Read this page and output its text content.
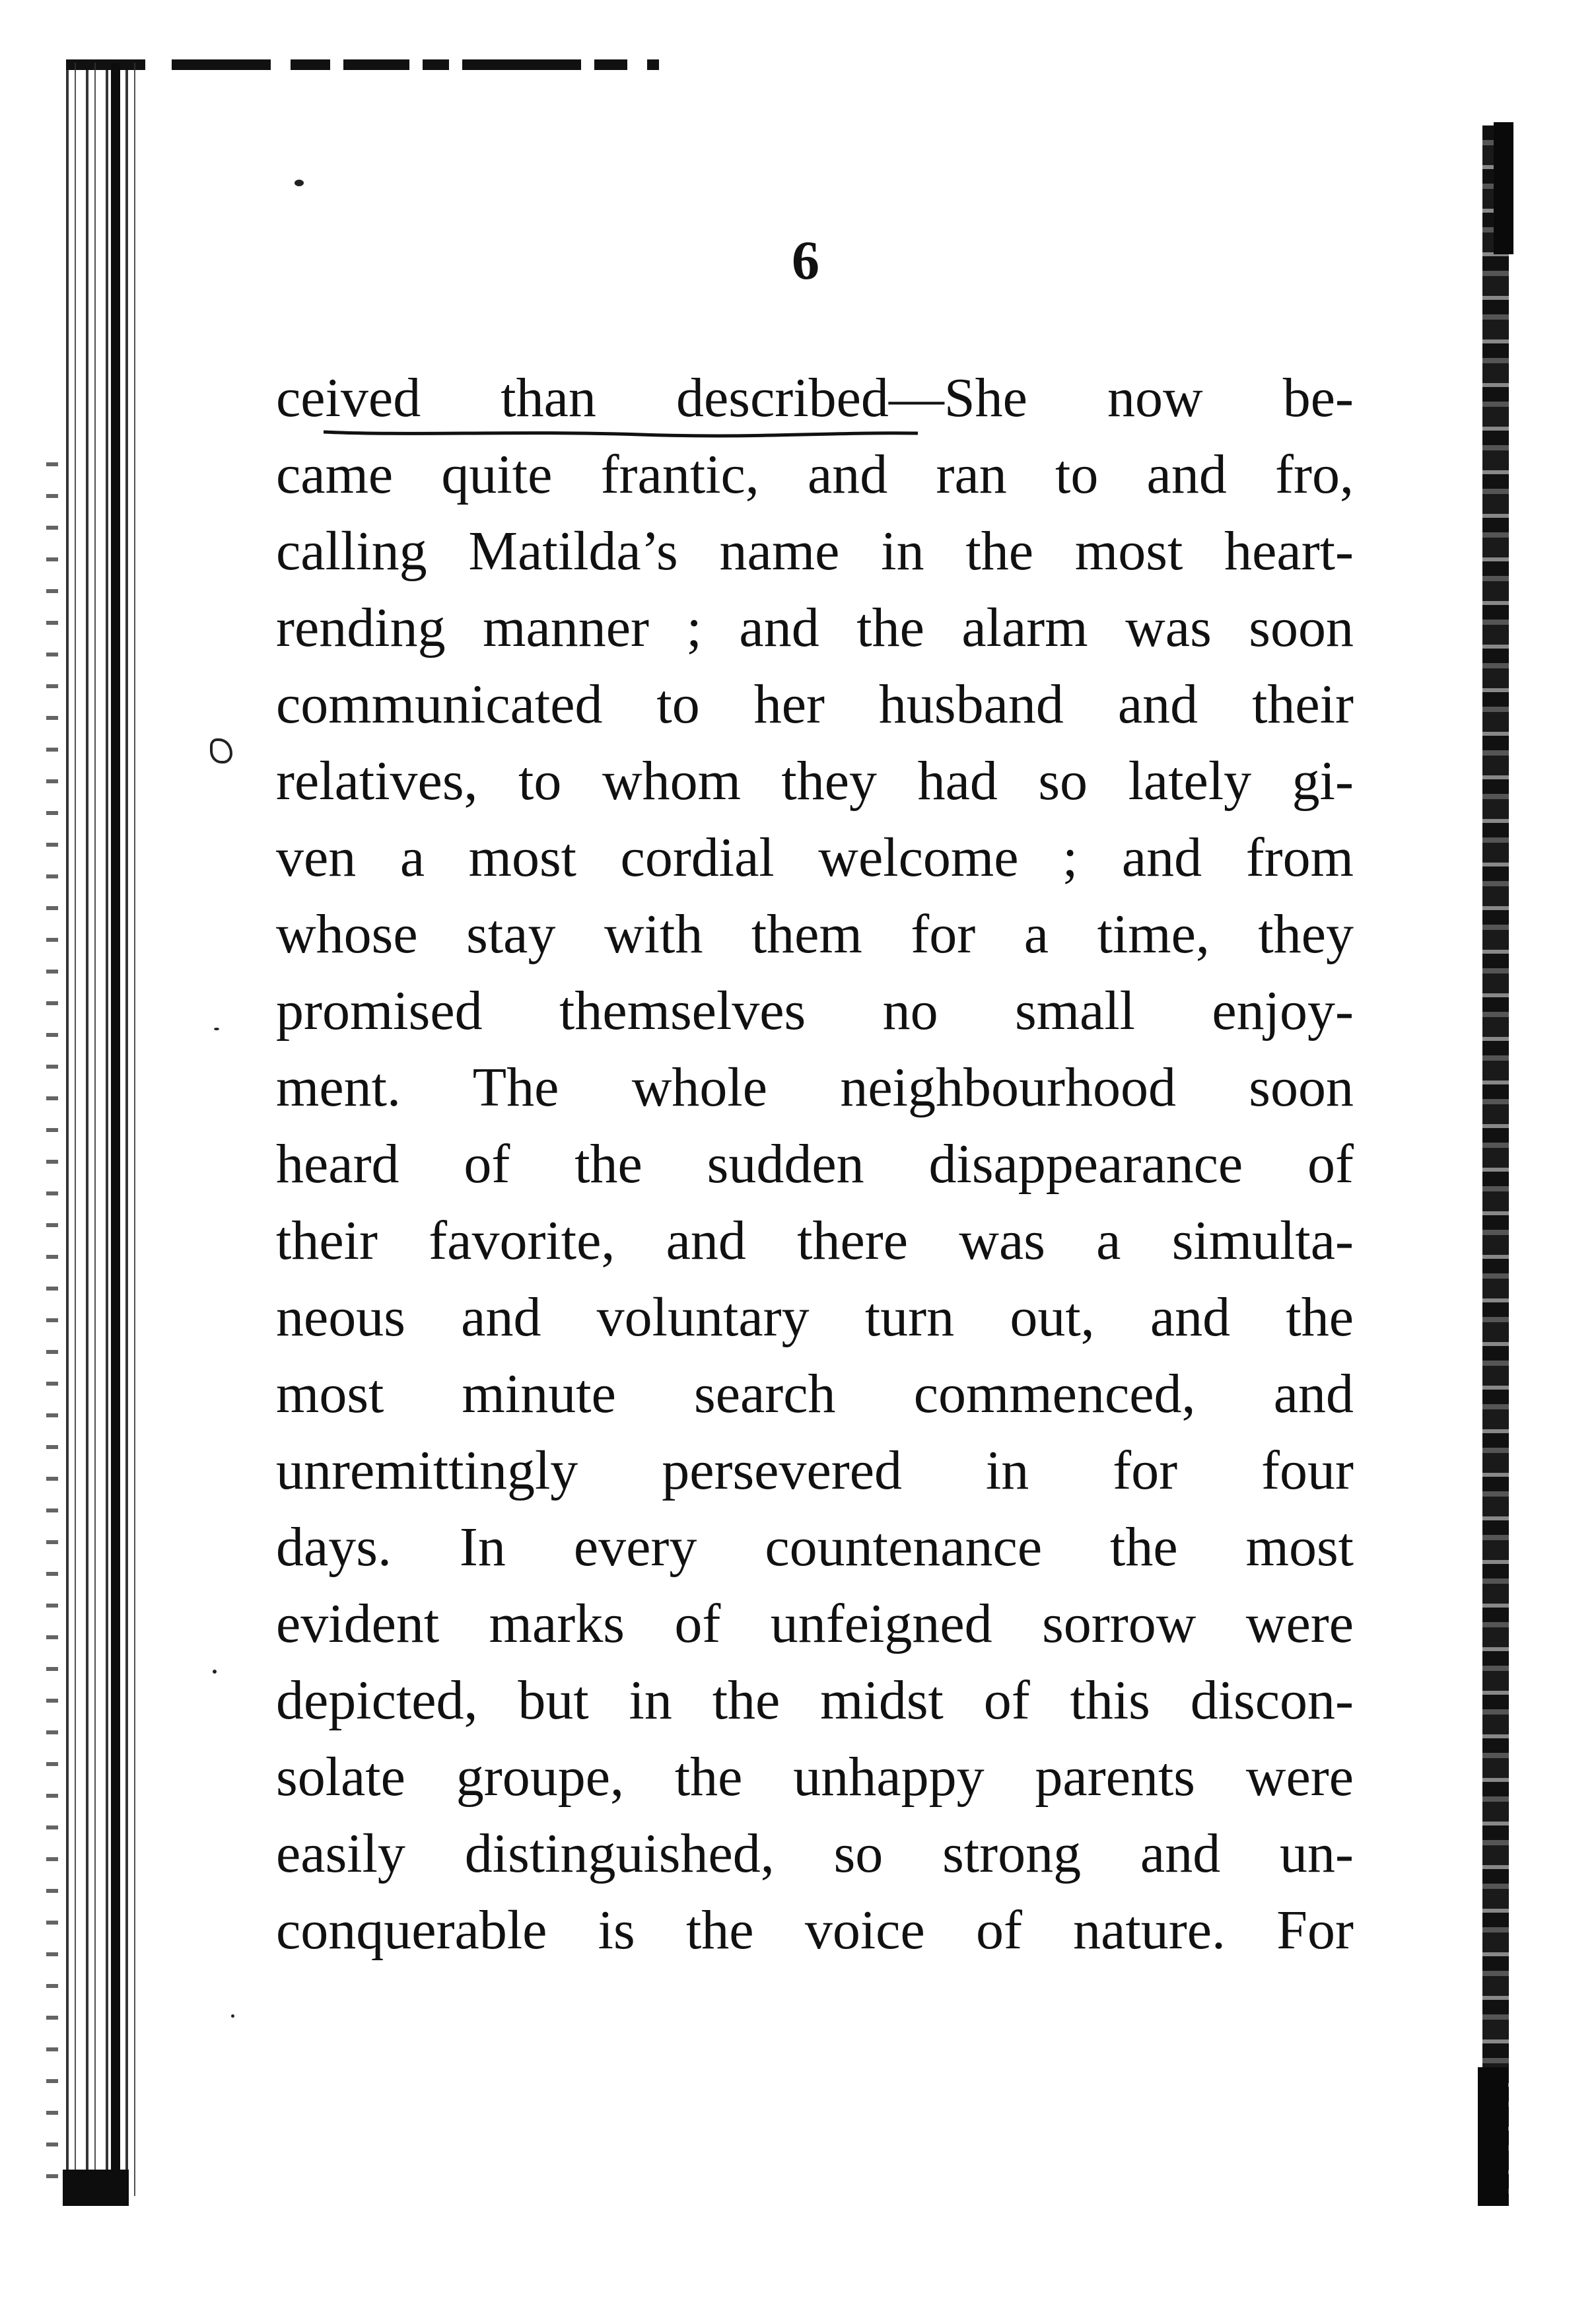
6
ceived than described—She now be-
came quite frantic, and ran to and fro,
calling Matilda’s name in the most heart-
rending manner ; and the alarm was soon
communicated to her husband and their
relatives, to whom they had so lately gi-
ven a most cordial welcome ; and from
whose stay with them for a time, they
promised themselves no small enjoy-
ment. The whole neighbourhood soon
heard of the sudden disappearance of
their favorite, and there was a simulta-
neous and voluntary turn out, and the
most minute search commenced, and
unremittingly persevered in for four
days. In every countenance the most
evident marks of unfeigned sorrow were
depicted, but in the midst of this discon-
solate groupe, the unhappy parents were
easily distinguished, so strong and un-
conquerable is the voice of nature. For
